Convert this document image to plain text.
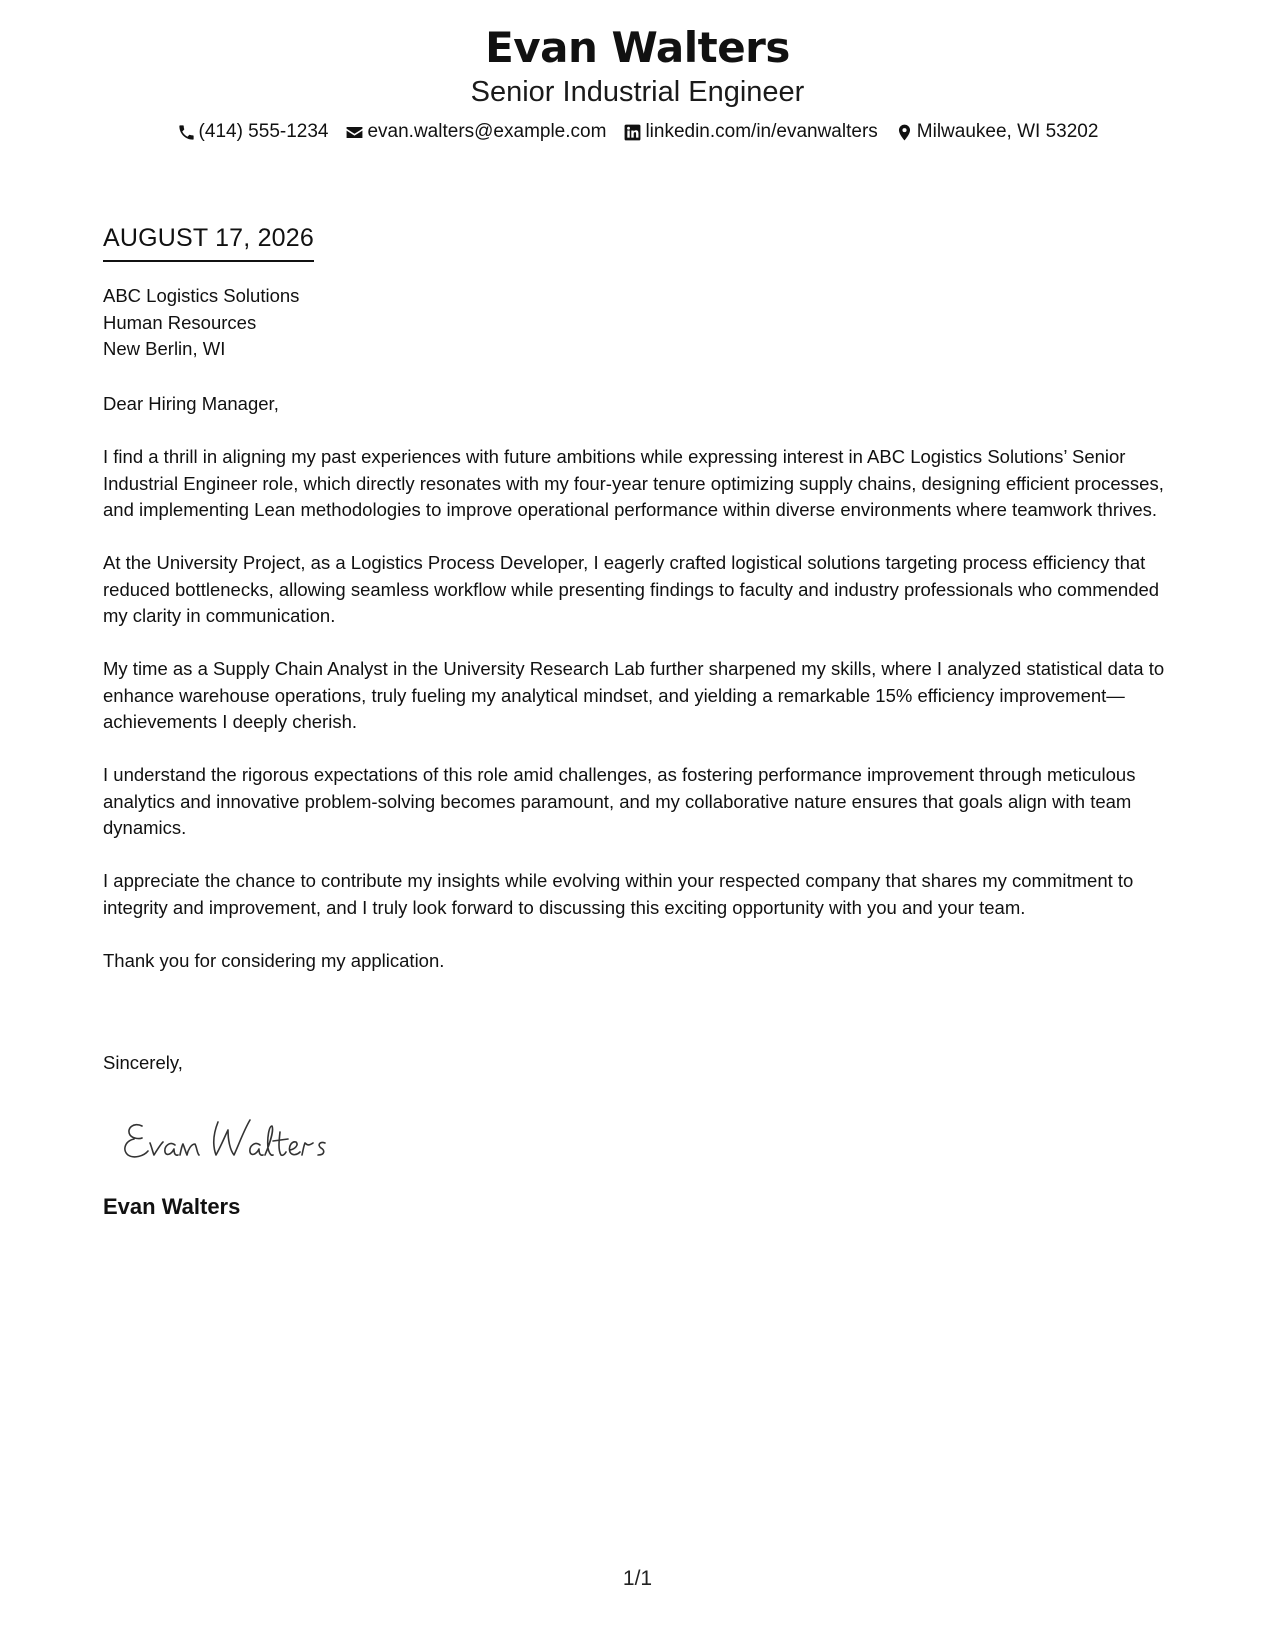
Evan Walters
Senior Industrial Engineer
(414) 555-1234 evan.walters@example.com linkedin.com/in/evanwalters Milwaukee, WI 53202
AUGUST 17, 2026
ABC Logistics Solutions
Human Resources
New Berlin, WI

Dear Hiring Manager,

I find a thrill in aligning my past experiences with future ambitions while expressing interest in ABC Logistics Solutions’ Senior Industrial Engineer role, which directly resonates with my four-year tenure optimizing supply chains, designing efficient processes, and implementing Lean methodologies to improve operational performance within diverse environments where teamwork thrives.

At the University Project, as a Logistics Process Developer, I eagerly crafted logistical solutions targeting process efficiency that reduced bottlenecks, allowing seamless workflow while presenting findings to faculty and industry professionals who commended my clarity in communication.

My time as a Supply Chain Analyst in the University Research Lab further sharpened my skills, where I analyzed statistical data to enhance warehouse operations, truly fueling my analytical mindset, and yielding a remarkable 15% efficiency improvement—achievements I deeply cherish.

I understand the rigorous expectations of this role amid challenges, as fostering performance improvement through meticulous analytics and innovative problem-solving becomes paramount, and my collaborative nature ensures that goals align with team dynamics.

I appreciate the chance to contribute my insights while evolving within your respected company that shares my commitment to integrity and improvement, and I truly look forward to discussing this exciting opportunity with you and your team.

Thank you for considering my application.

Sincerely,
Evan Walters
1/1
